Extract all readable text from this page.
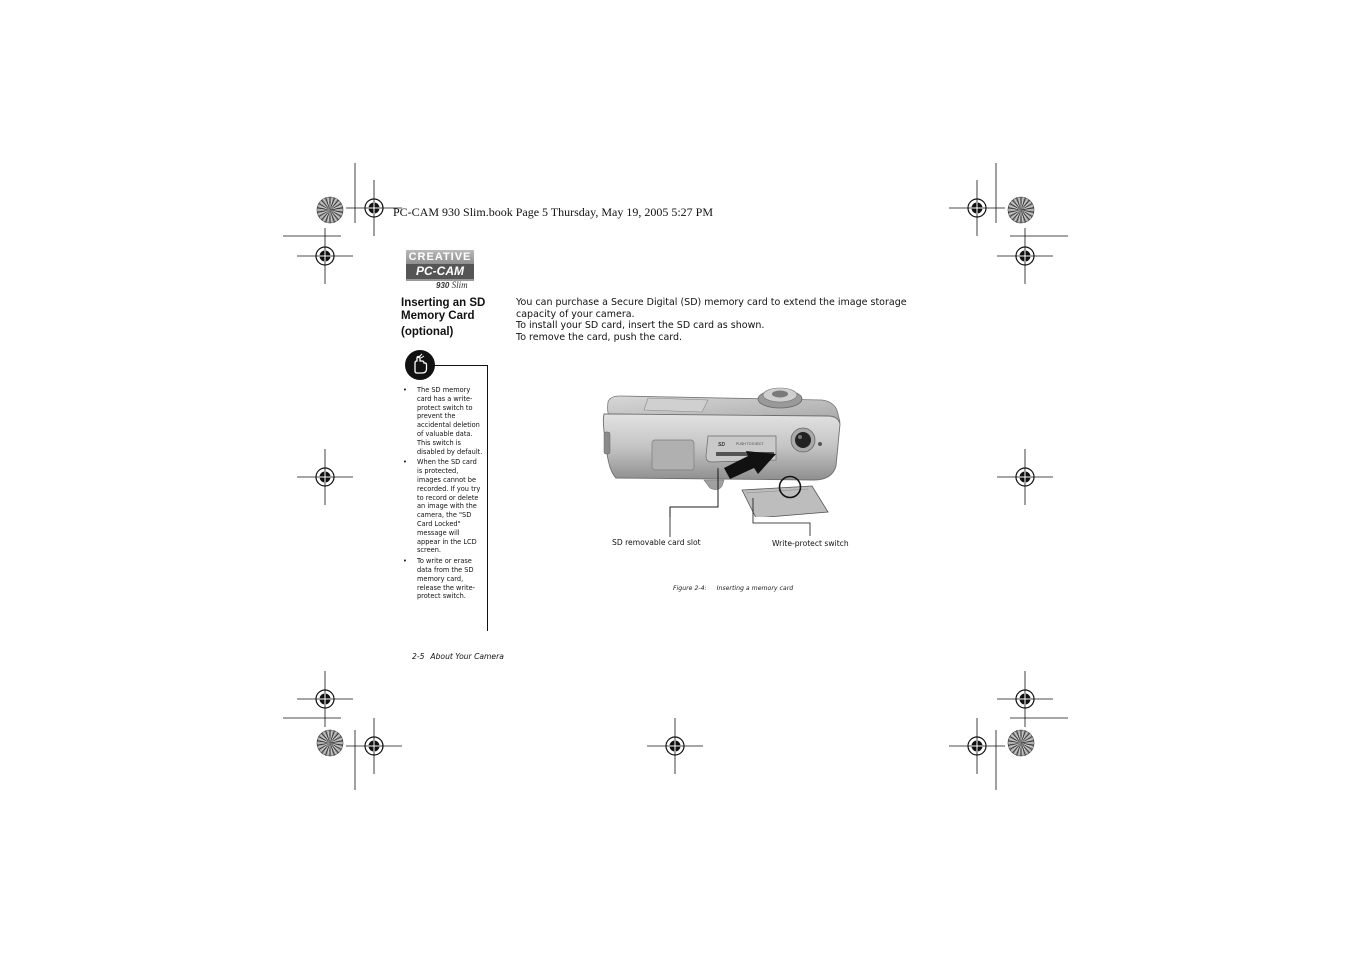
PC-CAM 930 Slim.book Page 5 Thursday, May 19, 2005 5:27 PM
CREATIVE
PC-CAM
930 Slim
Inserting an SD Memory Card
(optional)

You can purchase a Secure Digital (SD) memory card to extend the image storage capacity of your camera.

To install your SD card, insert the SD card as shown.

To remove the card, push the card.

• The SD memory card has a write-protect switch to prevent the accidental deletion of valuable data. This switch is disabled by default.
• When the SD card is protected, images cannot be recorded. If you try to record or delete an image with the camera, the "SD Card Locked" message will appear in the LCD screen.
• To write or erase data from the SD memory card, release the write-protect switch.
SD	PUSH TO EJECT
SD removable card slot	Write-protect switch
Figure 2-4: Inserting a memory card
2-5 About Your Camera
